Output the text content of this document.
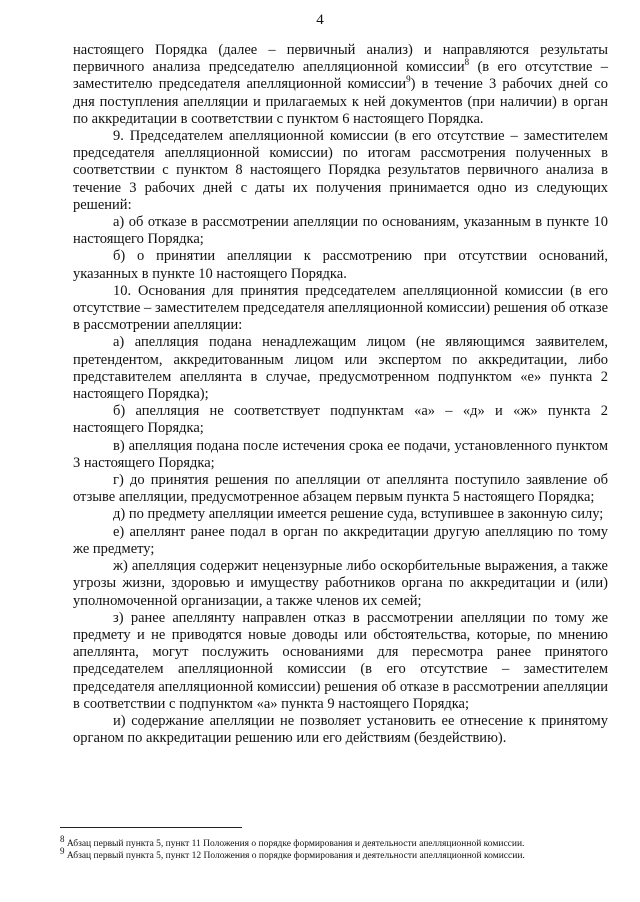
4

настоящего Порядка (далее – первичный анализ) и направляются результаты первичного анализа председателю апелляционной комиссии$^8$ (в его отсутствие – заместителю председателя апелляционной комиссии$^9$) в течение 3 рабочих дней со дня поступления апелляции и прилагаемых к ней документов (при наличии) в орган по аккредитации в соответствии с пунктом 6 настоящего Порядка.

9. Председателем апелляционной комиссии (в его отсутствие – заместителем председателя апелляционной комиссии) по итогам рассмотрения полученных в соответствии с пунктом 8 настоящего Порядка результатов первичного анализа в течение 3 рабочих дней с даты их получения принимается одно из следующих решений:

а) об отказе в рассмотрении апелляции по основаниям, указанным в пункте 10 настоящего Порядка;

б) о принятии апелляции к рассмотрению при отсутствии оснований, указанных в пункте 10 настоящего Порядка.

10. Основания для принятия председателем апелляционной комиссии (в его отсутствие – заместителем председателя апелляционной комиссии) решения об отказе в рассмотрении апелляции:

а) апелляция подана ненадлежащим лицом (не являющимся заявителем, претендентом, аккредитованным лицом или экспертом по аккредитации, либо представителем апеллянта в случае, предусмотренном подпунктом «е» пункта 2 настоящего Порядка);

б) апелляция не соответствует подпунктам «а» – «д» и «ж» пункта 2 настоящего Порядка;

в) апелляция подана после истечения срока ее подачи, установленного пунктом 3 настоящего Порядка;

г) до принятия решения по апелляции от апеллянта поступило заявление об отзыве апелляции, предусмотренное абзацем первым пункта 5 настоящего Порядка;

д) по предмету апелляции имеется решение суда, вступившее в законную силу;

е) апеллянт ранее подал в орган по аккредитации другую апелляцию по тому же предмету;

ж) апелляция содержит нецензурные либо оскорбительные выражения, а также угрозы жизни, здоровью и имуществу работников органа по аккредитации и (или) уполномоченной организации, а также членов их семей;

з) ранее апеллянту направлен отказ в рассмотрении апелляции по тому же предмету и не приводятся новые доводы или обстоятельства, которые, по мнению апеллянта, могут послужить основаниями для пересмотра ранее принятого председателем апелляционной комиссии (в его отсутствие – заместителем председателя апелляционной комиссии) решения об отказе в рассмотрении апелляции в соответствии с подпунктом «а» пункта 9 настоящего Порядка;

и) содержание апелляции не позволяет установить ее отнесение к принятому органом по аккредитации решению или его действиям (бездействию).

$^8$ Абзац первый пункта 5, пункт 11 Положения о порядке формирования и деятельности апелляционной комиссии.

$^9$ Абзац первый пункта 5, пункт 12 Положения о порядке формирования и деятельности апелляционной комиссии.
